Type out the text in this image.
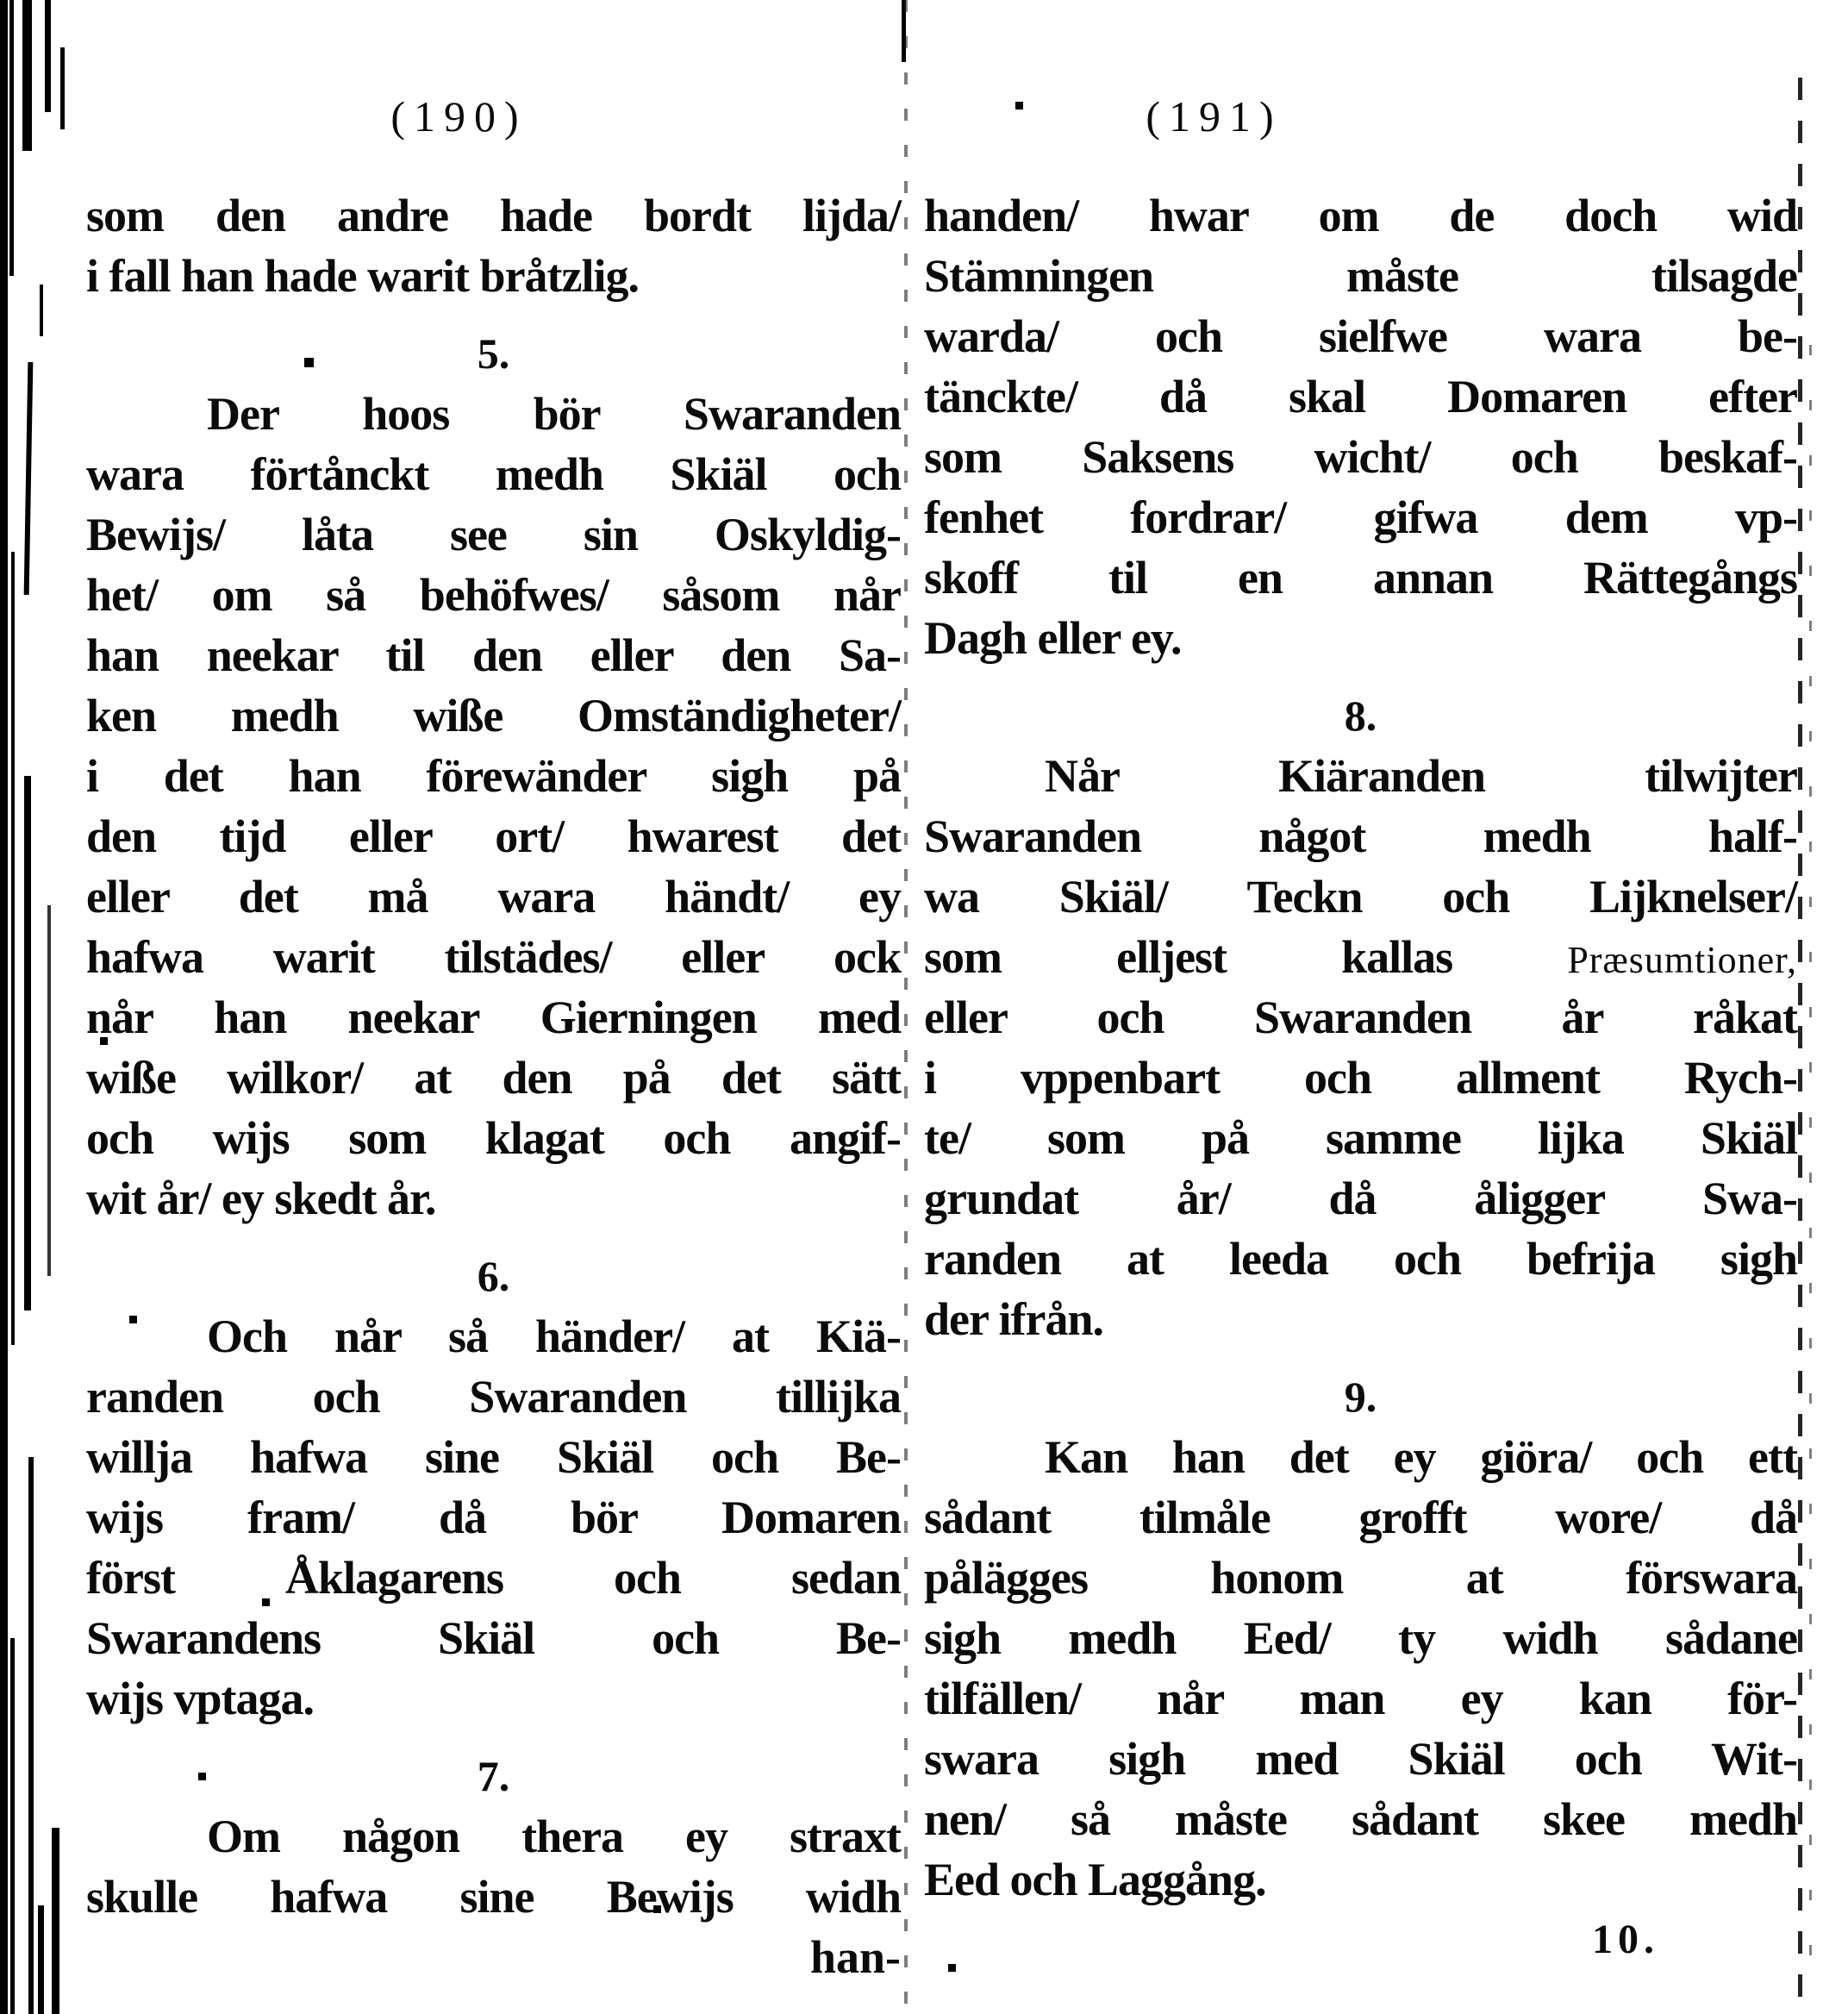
(190)
som den andre hade bordt lijda/
i fall han hade warit bråtzlig.
5.
Der hoos bör Swaranden
wara förtånckt medh Skiäl och
Bewijs/ låta see sin Oskyldig-
het/ om så behöfwes/ såsom når
han neekar til den eller den Sa-
ken medh wiße Omständigheter/
i det han förewänder sigh på
den tijd eller ort/ hwarest det
eller det må wara händt/ ey
hafwa warit tilstädes/ eller ock
når han neekar Gierningen med
wiße wilkor/ at den på det sätt
och wijs som klagat och angif-
wit år/ ey skedt år.
6.
Och når så händer/ at Kiä-
randen och Swaranden tillijka
willja hafwa sine Skiäl och Be-
wijs fram/ då bör Domaren
först Åklagarens och sedan
Swarandens Skiäl och Be-
wijs vptaga.
7.
Om någon thera ey straxt
skulle hafwa sine Bewijs widh
han-
(191)
handen/ hwar om de doch wid
Stämningen måste tilsagde
warda/ och sielfwe wara be-
tänckte/ då skal Domaren efter
som Saksens wicht/ och beskaf-
fenhet fordrar/ gifwa dem vp-
skoff til en annan Rättegångs
Dagh eller ey.
8.
Når Kiäranden tilwijter
Swaranden något medh half-
wa Skiäl/ Teckn och Lijknelser/
som elljest kallas Præsumtioner,
eller och Swaranden år råkat
i vppenbart och allment Rych-
te/ som på samme lijka Skiäl
grundat år/ då åligger Swa-
randen at leeda och befrija sigh
der ifrån.
9.
Kan han det ey giöra/ och ett
sådant tilmåle grofft wore/ då
pålägges honom at förswara
sigh medh Eed/ ty widh sådane
tilfällen/ når man ey kan för-
swara sigh med Skiäl och Wit-
nen/ så måste sådant skee medh
Eed och Laggång.
10.
